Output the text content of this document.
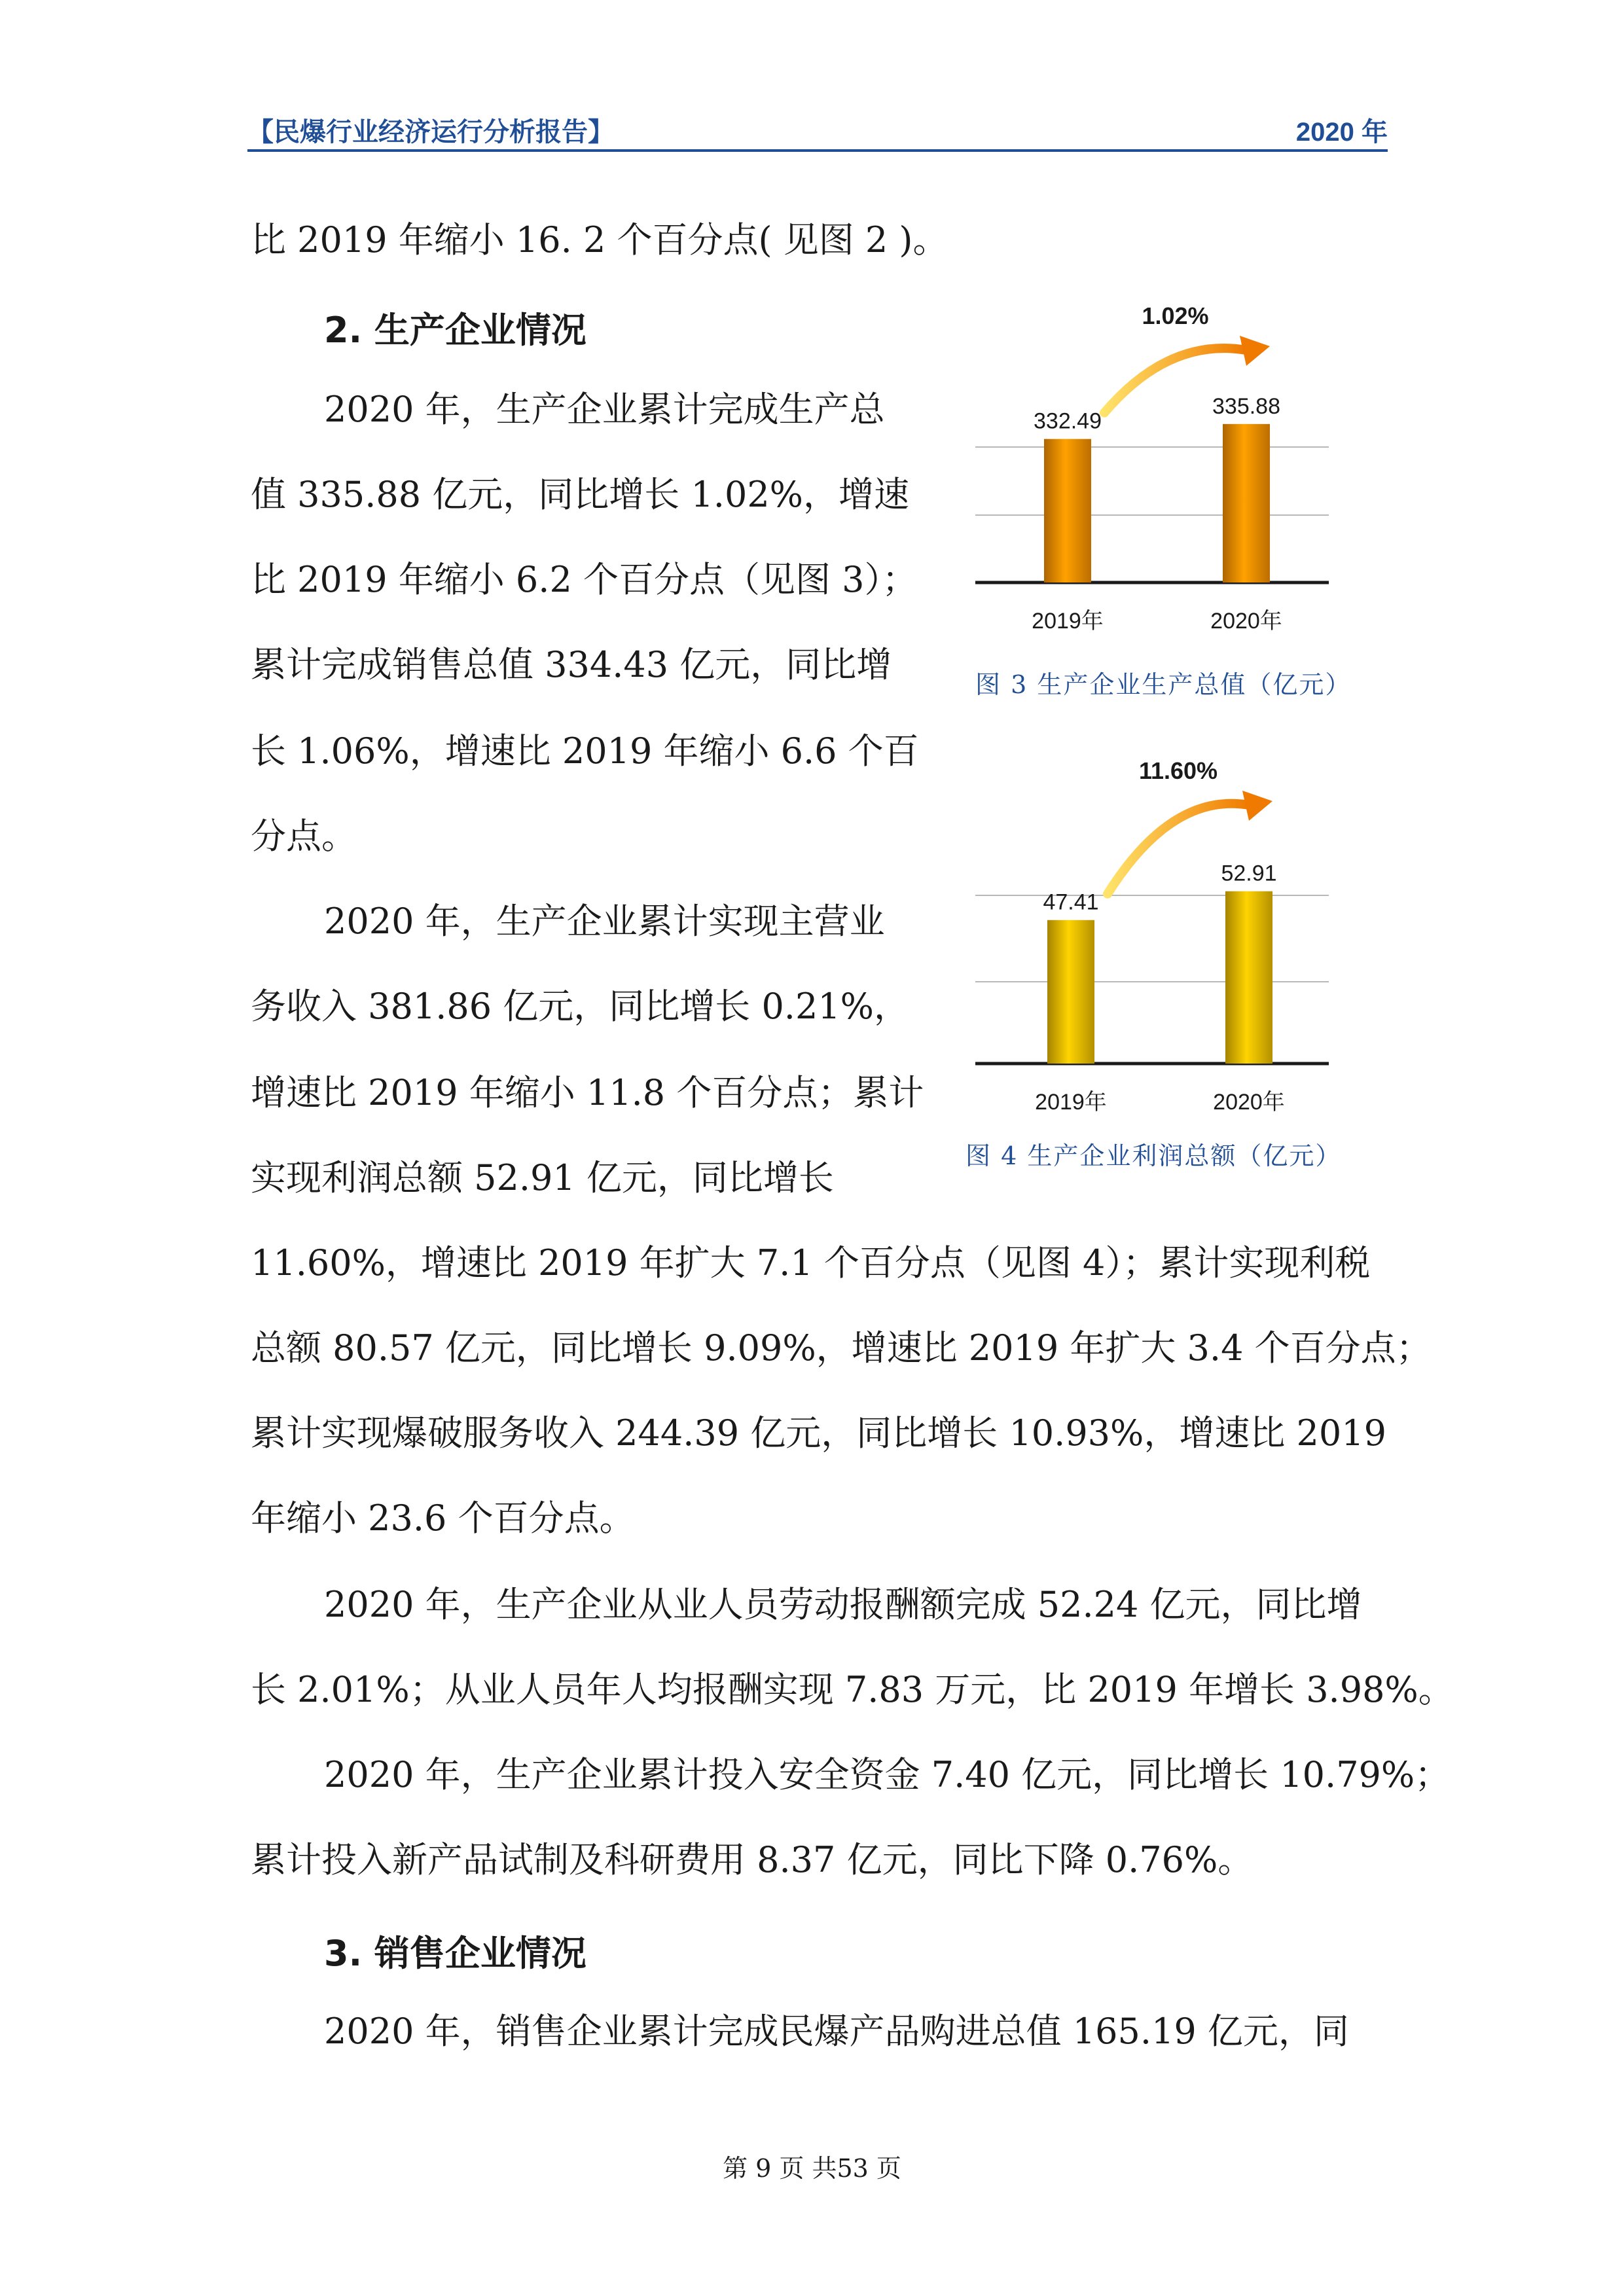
【民爆行业经济运行分析报告】	2020 年
比 2019 年缩小 16. 2 个百分点( 见图 2 )。
2. 生产企业情况
2020 年，生产企业累计完成生产总
值 335.88 亿元，同比增长 1.02%，增速
比 2019 年缩小 6.2 个百分点（见图 3）；
累计完成销售总值 334.43 亿元，同比增
长 1.06%，增速比 2019 年缩小 6.6 个百
分点。
2020 年，生产企业累计实现主营业
务收入 381.86 亿元，同比增长 0.21%，
增速比 2019 年缩小 11.8 个百分点；累计
实现利润总额 52.91 亿元，同比增长
11.60%，增速比 2019 年扩大 7.1 个百分点（见图 4）；累计实现利税
总额 80.57 亿元，同比增长 9.09%，增速比 2019 年扩大 3.4 个百分点；
累计实现爆破服务收入 244.39 亿元，同比增长 10.93%，增速比 2019
年缩小 23.6 个百分点。
2020 年，生产企业从业人员劳动报酬额完成 52.24 亿元，同比增
长 2.01%；从业人员年人均报酬实现 7.83 万元，比 2019 年增长 3.98%。
2020 年，生产企业累计投入安全资金 7.40 亿元，同比增长 10.79%；
累计投入新产品试制及科研费用 8.37 亿元，同比下降 0.76%。
3. 销售企业情况
2020 年，销售企业累计完成民爆产品购进总值 165.19 亿元，同
332.49
2019年
335.88
2020年
1.02%
图 3 生产企业生产总值（亿元）
47.41
2019年
52.91
2020年
11.60%
图 4 生产企业利润总额（亿元）
第 9 页 共53 页
